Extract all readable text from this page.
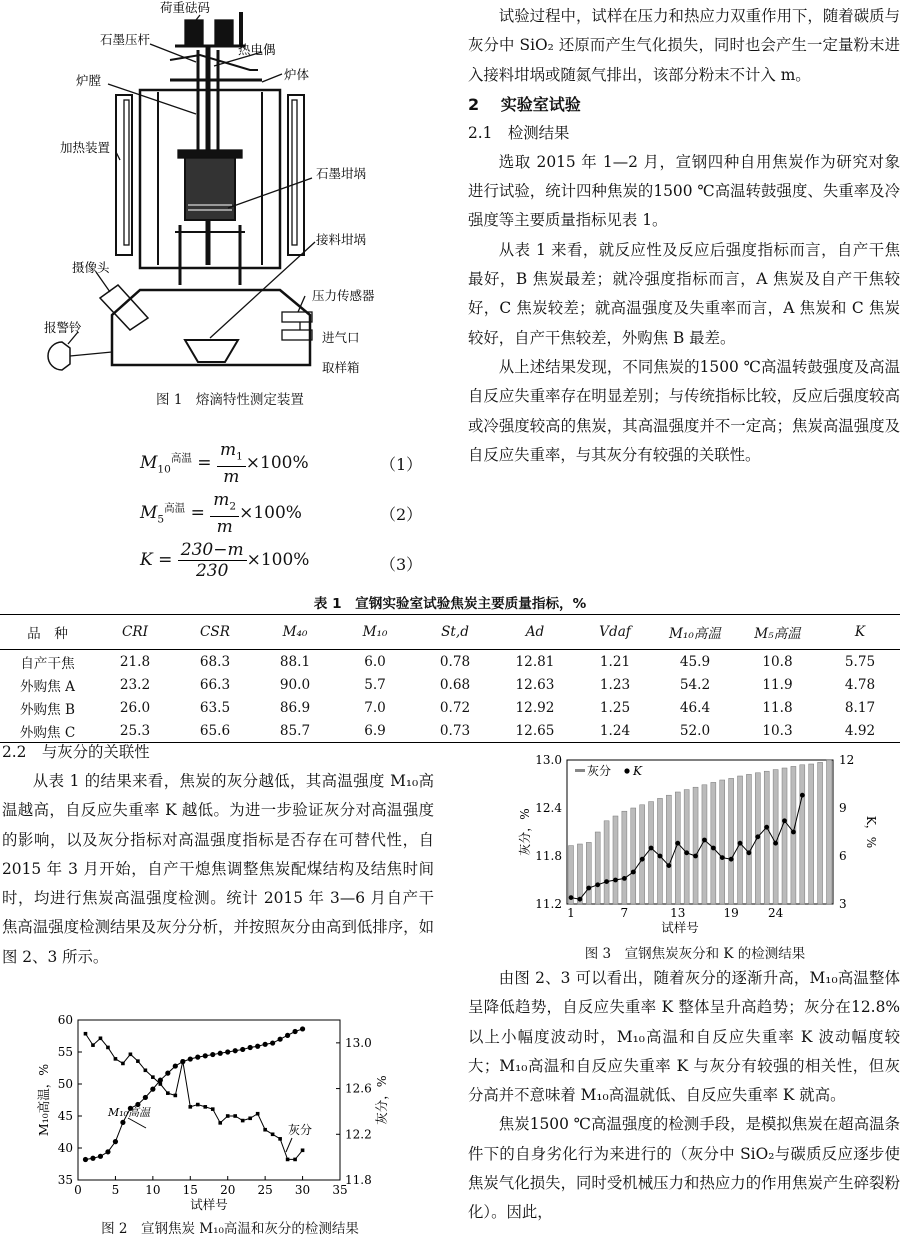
荷重砝码
石墨压杆
热电偶
炉体
炉膛
加热装置
石墨坩埚
接料坩埚
摄像头
压力传感器
报警铃
进气口
取样箱
图 1　熔滴特性测定装置
$M_{10}^{高温} = \frac{m_1}{m} \times 100\%$	（1）
$M_5^{高温} = \frac{m_2}{m} \times 100\%$	（2）
$K = \frac{230-m}{230} \times 100\%$	（3）

试验过程中，试样在压力和热应力双重作用下，随着碳质与灰分中 SiO₂ 还原而产生气化损失，同时也会产生一定量粉末进入接料坩埚或随氮气排出，该部分粉末不计入 m。

2　 实验室试验
2.1　检测结果

选取 2015 年 1—2 月，宣钢四种自用焦炭作为研究对象进行试验，统计四种焦炭的1500 ℃高温转鼓强度、失重率及冷强度等主要质量指标见表 1。

从表 1 来看，就反应性及反应后强度指标而言，自产干焦最好，B 焦炭最差；就冷强度指标而言，A 焦炭及自产干焦较好，C 焦炭较差；就高温强度及失重率而言，A 焦炭和 C 焦炭较好，自产干焦较差，外购焦 B 最差。

从上述结果发现，不同焦炭的1500 ℃高温转鼓强度及高温自反应失重率存在明显差别；与传统指标比较，反应后强度较高或冷强度较高的焦炭，其高温强度并不一定高；焦炭高温强度及自反应失重率，与其灰分有较强的关联性。

表 1　宣钢实验室试验焦炭主要质量指标，%
品　种	CRI	CSR	M₄₀	M₁₀	St,d	Ad	Vdaf	M₁₀高温	M₅高温	K
自产干焦	21.8	68.3	88.1	6.0	0.78	12.81	1.21	45.9	10.8	5.75
外购焦 A	23.2	66.3	90.0	5.7	0.68	12.63	1.23	54.2	11.9	4.78
外购焦 B	26.0	63.5	86.9	7.0	0.72	12.92	1.25	46.4	11.8	8.17
外购焦 C	25.3	65.6	85.7	6.9	0.73	12.65	1.24	52.0	10.3	4.92
2.2　与灰分的关联性

从表 1 的结果来看，焦炭的灰分越低，其高温强度 M₁₀高温越高，自反应失重率 K 越低。为进一步验证灰分对高温强度的影响，以及灰分指标对高温强度指标是否存在可替代性，自 2015 年 3 月开始，自产干熄焦调整焦炭配煤结构及结焦时间时，均进行焦炭高温强度检测。统计 2015 年 3—6 月自产干焦高温强度检测结果及灰分分析，并按照灰分由高到低排序，如图 2、3 所示。

0 5 10 15 20 25 30 35
35
40
45
50
55
60
11.8
12.2
12.6
13.0
试样号
M₁₀高温，%	灰分，%
M₁₀高温
灰分
图 2　宣钢焦炭 M₁₀高温和灰分的检测结果
1	7	13	19 24
11.2
11.8
12.4
13.0
3
6
9
12
试样号
灰分，%	K，%
灰分 K
图 3　宣钢焦炭灰分和 K 的检测结果

由图 2、3 可以看出，随着灰分的逐渐升高，M₁₀高温整体呈降低趋势，自反应失重率 K 整体呈升高趋势；灰分在12.8% 以上小幅度波动时，M₁₀高温和自反应失重率 K 波动幅度较大；M₁₀高温和自反应失重率 K 与灰分有较强的相关性，但灰分高并不意味着 M₁₀高温就低、自反应失重率 K 就高。

焦炭1500 ℃高温强度的检测手段，是模拟焦炭在超高温条件下的自身劣化行为来进行的（灰分中 SiO₂与碳质反应逐步使焦炭气化损失，同时受机械压力和热应力的作用焦炭产生碎裂粉化）。因此，
